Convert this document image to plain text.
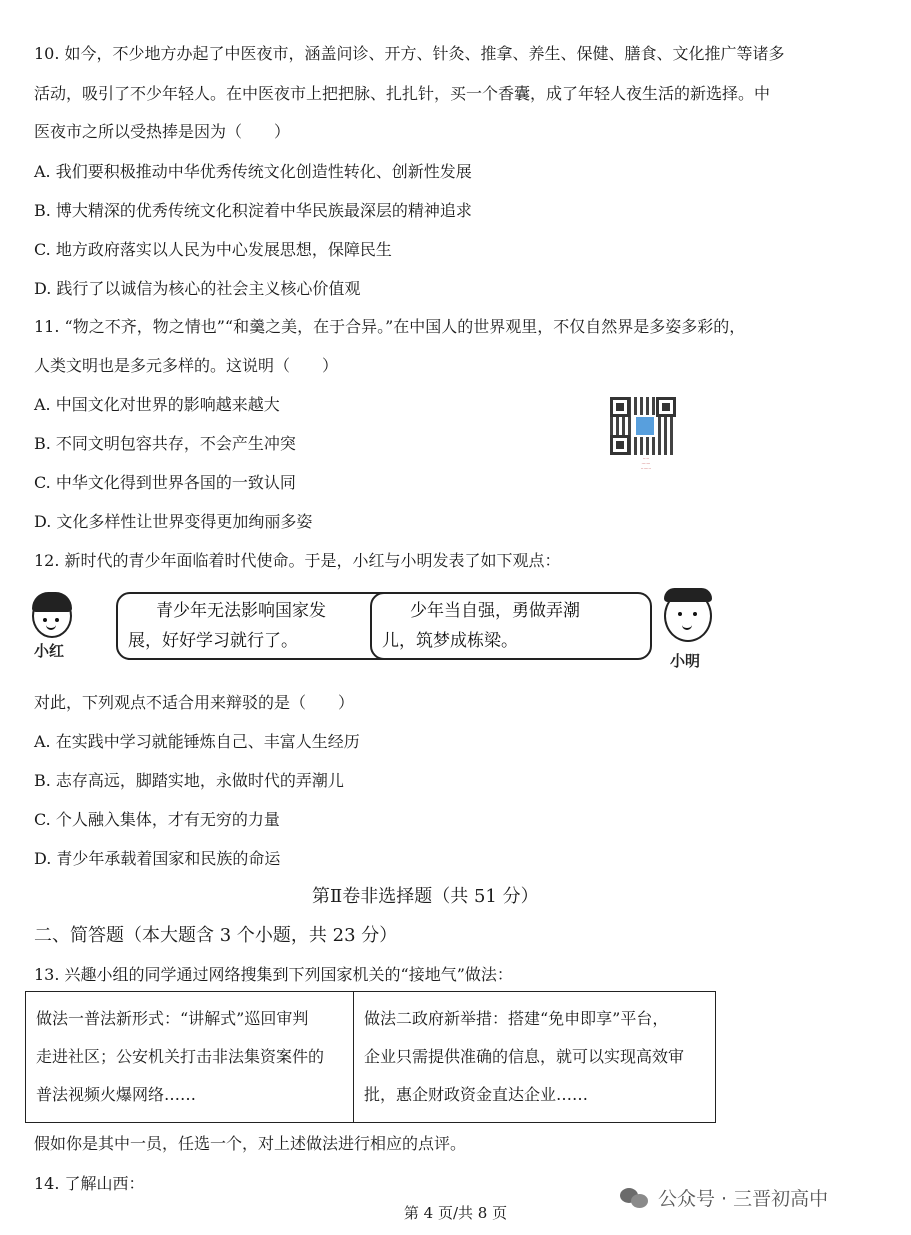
10. 如今，不少地方办起了中医夜市，涵盖问诊、开方、针灸、推拿、养生、保健、膳食、文化推广等诸多
活动，吸引了不少年轻人。在中医夜市上把把脉、扎扎针，买一个香囊，成了年轻人夜生活的新选择。中
医夜市之所以受热捧是因为（　　）
A. 我们要积极推动中华优秀传统文化创造性转化、创新性发展
B. 博大精深的优秀传统文化积淀着中华民族最深层的精神追求
C. 地方政府落实以人民为中心发展思想，保障民生
D. 践行了以诚信为核心的社会主义核心价值观
11. “物之不齐，物之情也”“和羹之美，在于合异。”在中国人的世界观里，不仅自然界是多姿多彩的，
人类文明也是多元多样的。这说明（　　）
A. 中国文化对世界的影响越来越大
B. 不同文明包容共存，不会产生冲突
C. 中华文化得到世界各国的一致认同
D. 文化多样性让世界变得更加绚丽多姿
·····
·······
········
12. 新时代的青少年面临着时代使命。于是，小红与小明发表了如下观点：
小红
青少年无法影响国家发
展，好好学习就行了。
少年当自强，勇做弄潮
儿，筑梦成栋梁。
小明
对此，下列观点不适合用来辩驳的是（　　）
A. 在实践中学习就能锤炼自己、丰富人生经历
B. 志存高远，脚踏实地，永做时代的弄潮儿
C. 个人融入集体，才有无穷的力量
D. 青少年承载着国家和民族的命运
第Ⅱ卷非选择题（共 51 分）
二、简答题（本大题含 3 个小题，共 23 分）
13. 兴趣小组的同学通过网络搜集到下列国家机关的“接地气”做法：
做法一普法新形式：“讲解式”巡回审判
走进社区；公安机关打击非法集资案件的
普法视频火爆网络……
做法二政府新举措：搭建“免申即享”平台，
企业只需提供准确的信息，就可以实现高效审
批，惠企财政资金直达企业……
假如你是其中一员，任选一个，对上述做法进行相应的点评。
14. 了解山西：
公众号 · 三晋初高中
第 4 页/共 8 页
